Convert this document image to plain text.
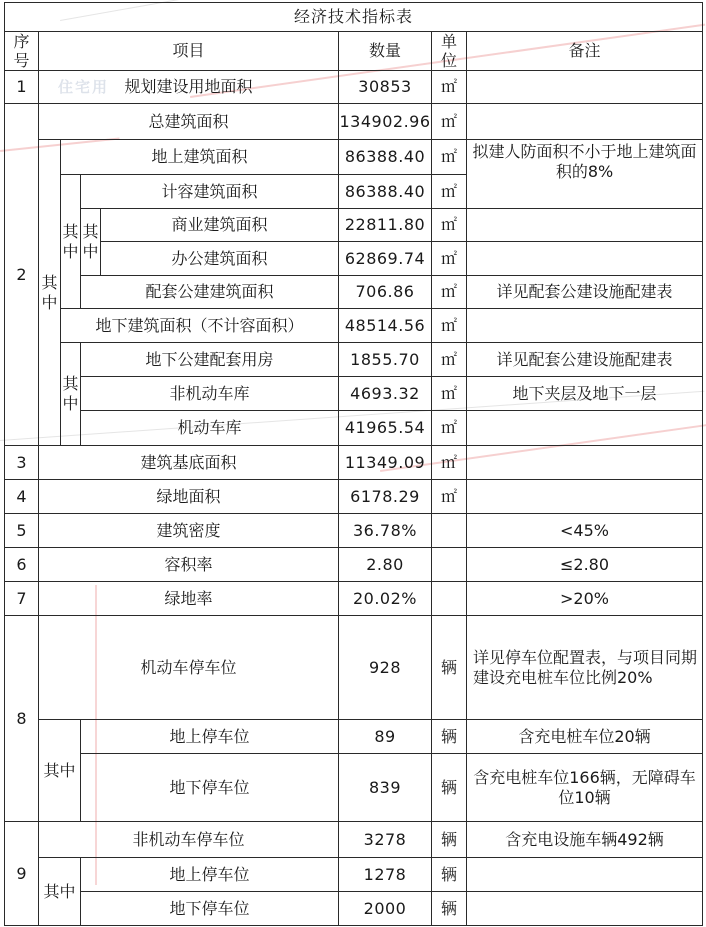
住宅用
经济技术指标表							

序号	项目				数量	单位	备注
1	规划建设用地面积				30853	㎡	
2	总建筑面积				134902.96	㎡	

	其中	地上建筑面积			86388.40	㎡	拟建人防面积不小于地上建筑面积的8%

		其中	计容建筑面积		86388.40	㎡	

			其中	商业建筑面积	22811.80	㎡	
				办公建筑面积	62869.74	㎡	
			配套公建建筑面积		706.86	㎡	详见配套公建设施配建表
		地下建筑面积（不计容面积）			48514.56	㎡	

		其中	地下公建配套用房		1855.70	㎡	详见配套公建设施配建表
			非机动车库		4693.32	㎡	地下夹层及地下一层
			机动车库		41965.54	㎡	
3	建筑基底面积				11349.09	㎡	
4	绿地面积				6178.29	㎡	
5	建筑密度				36.78%		<45%
6	容积率				2.80		≤2.80
7	绿地率				20.02%		>20%
8	机动车停车位				928	辆	详见停车位配置表，与项目同期建设充电桩车位比例20%
	其中		地上停车位		89	辆	含充电桩车位20辆
			地下停车位		839	辆	含充电桩车位166辆，无障碍车位10辆
9	非机动车停车位				3278	辆	含充电设施车辆492辆
	其中		地上停车位		1278	辆	
			地下停车位		2000	辆	
